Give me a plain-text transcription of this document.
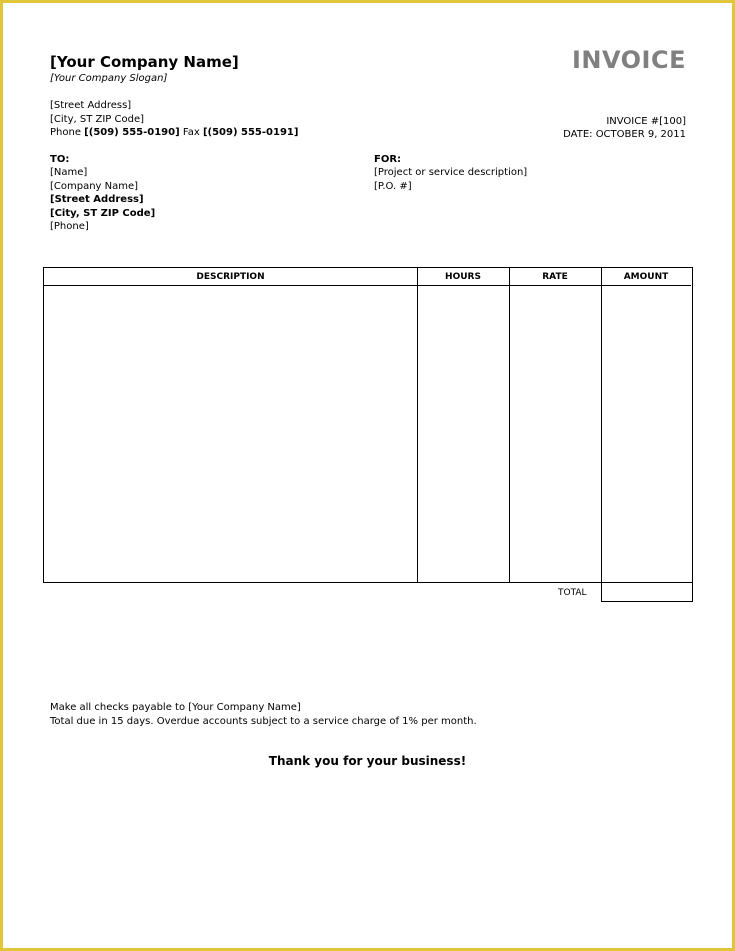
[Your Company Name]
[Your Company Slogan]
INVOICE
[Street Address]
[City, ST ZIP Code]
Phone [(509) 555-0190] Fax [(509) 555-0191]
INVOICE #[100]
DATE: OCTOBER 9, 2011
TO:
[Name]
[Company Name]
[Street Address]
[City, ST ZIP Code]
[Phone]
FOR:
[Project or service description]
[P.O. #]
DESCRIPTION	HOURS	RATE	AMOUNT
TOTAL
Make all checks payable to [Your Company Name]
Total due in 15 days. Overdue accounts subject to a service charge of 1% per month.
Thank you for your business!
